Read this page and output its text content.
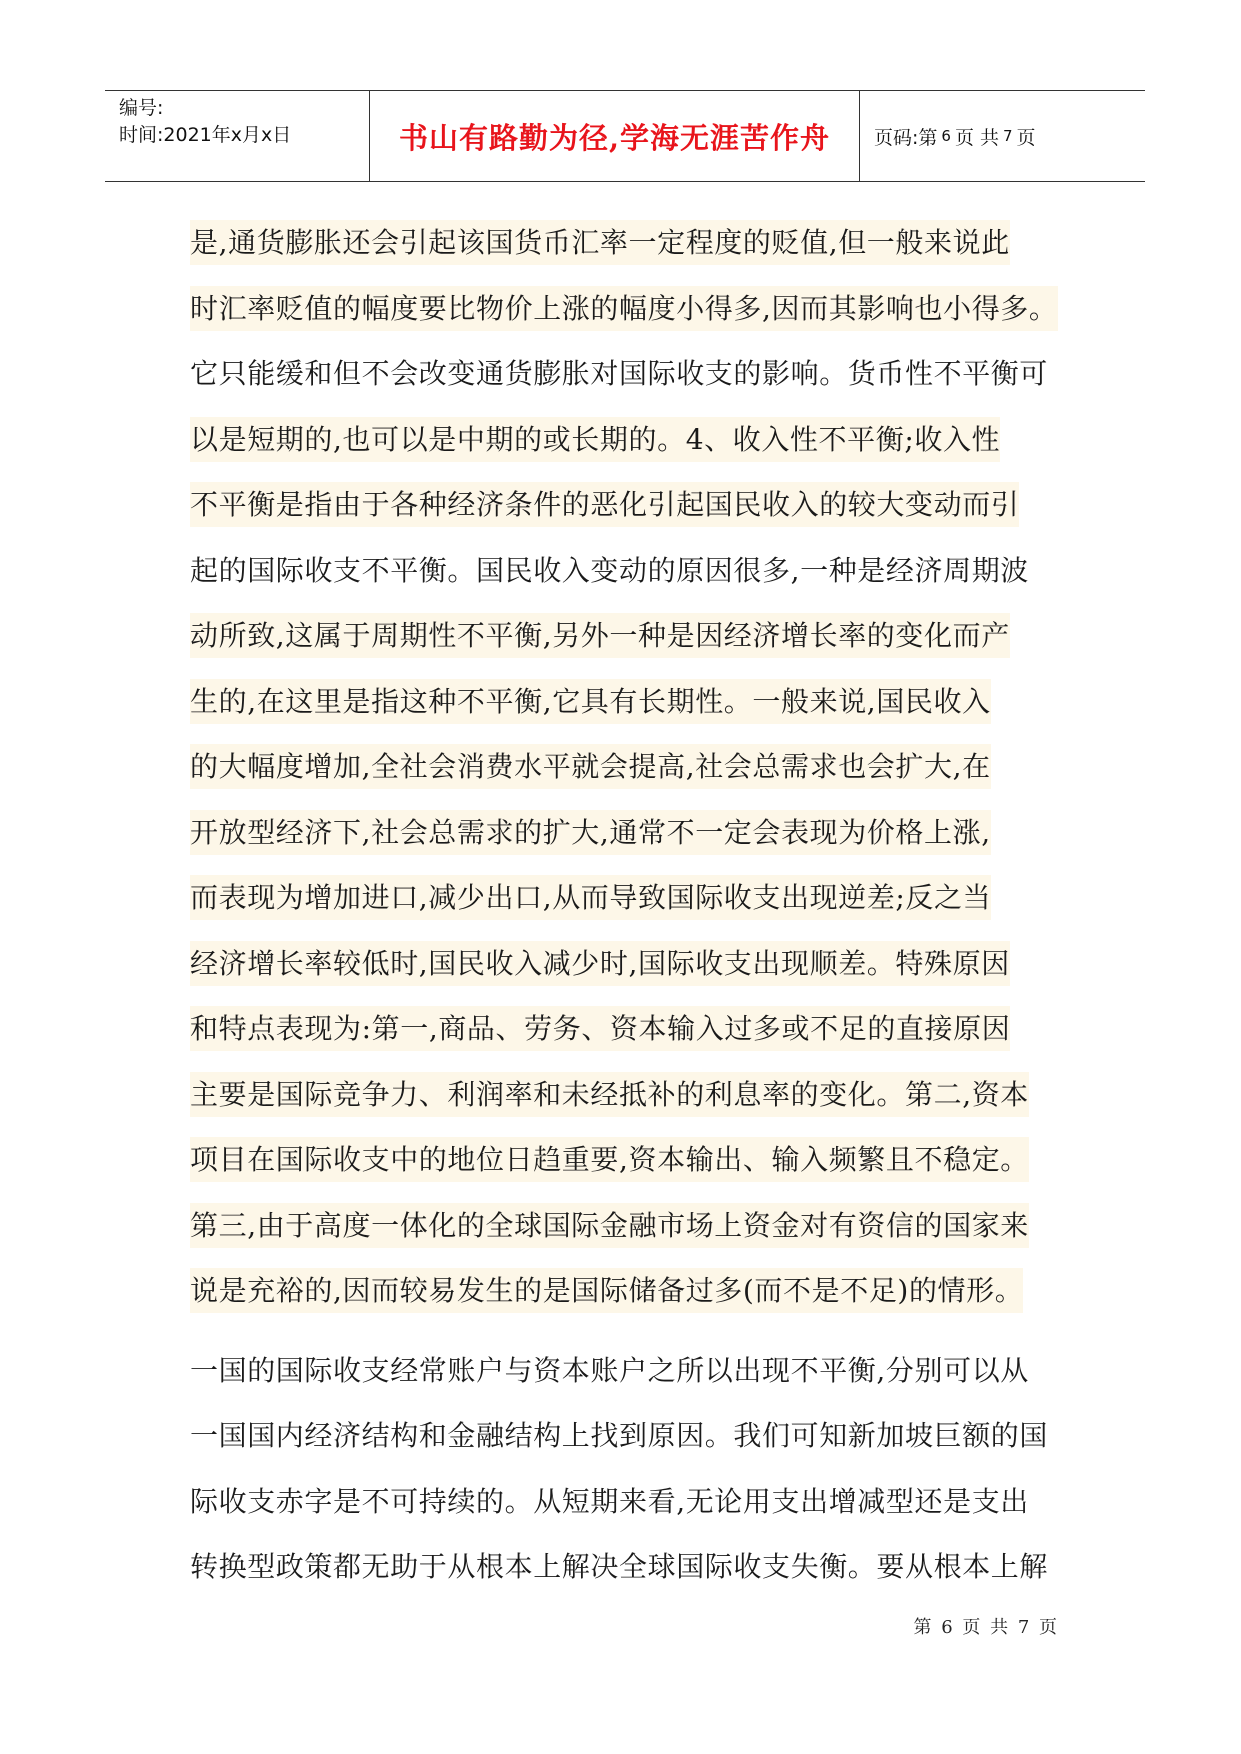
编号:
时间:2021年x月x日	书山有路勤为径,学海无涯苦作舟 页码:第 6 页 共 7 页
是,通货膨胀还会引起该国货币汇率一定程度的贬值,但一般来说此
时汇率贬值的幅度要比物价上涨的幅度小得多,因而其影响也小得多。
它只能缓和但不会改变通货膨胀对国际收支的影响。货币性不平衡可
以是短期的,也可以是中期的或长期的。4、收入性不平衡;收入性
不平衡是指由于各种经济条件的恶化引起国民收入的较大变动而引
起的国际收支不平衡。国民收入变动的原因很多,一种是经济周期波
动所致,这属于周期性不平衡,另外一种是因经济增长率的变化而产
生的,在这里是指这种不平衡,它具有长期性。一般来说,国民收入
的大幅度增加,全社会消费水平就会提高,社会总需求也会扩大,在
开放型经济下,社会总需求的扩大,通常不一定会表现为价格上涨,
而表现为增加进口,减少出口,从而导致国际收支出现逆差;反之当
经济增长率较低时,国民收入减少时,国际收支出现顺差。特殊原因
和特点表现为:第一,商品、劳务、资本输入过多或不足的直接原因
主要是国际竞争力、利润率和未经抵补的利息率的变化。第二,资本
项目在国际收支中的地位日趋重要,资本输出、输入频繁且不稳定。
第三,由于高度一体化的全球国际金融市场上资金对有资信的国家来
说是充裕的,因而较易发生的是国际储备过多(而不是不足)的情形。
一国的国际收支经常账户与资本账户之所以出现不平衡,分别可以从
一国国内经济结构和金融结构上找到原因。我们可知新加坡巨额的国
际收支赤字是不可持续的。从短期来看,无论用支出增减型还是支出
转换型政策都无助于从根本上解决全球国际收支失衡。要从根本上解
第 6 页 共 7 页
